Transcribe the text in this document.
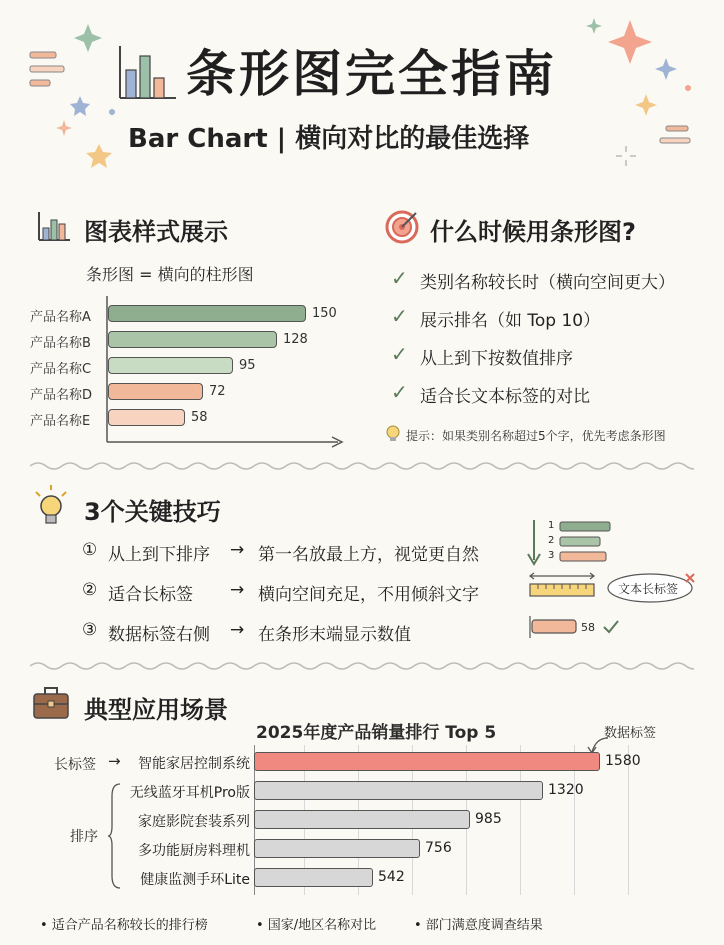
条形图完全指南
Bar Chart | 横向对比的最佳选择
图表样式展示
条形图 = 横向的柱形图
产品名称A	150
产品名称B	128
产品名称C	95
产品名称D	72
产品名称E	58
什么时候用条形图?
✓ 类别名称较长时（横向空间更大）
✓ 展示排名（如 Top 10）
✓ 从上到下按数值排序
✓ 适合长文本标签的对比
提示：如果类别名称超过5个字，优先考虑条形图
3个关键技巧
① 从上到下排序 → 第一名放最上方，视觉更自然
② 适合长标签 → 横向空间充足，不用倾斜文字
③ 数据标签右侧 → 在条形末端显示数值
1
2
3
文本长标签
58
典型应用场景
2025年度产品销量排行 Top 5	数据标签
长标签 →
排序
智能家居控制系统	1580
无线蓝牙耳机Pro版	1320
家庭影院套装系列	985
多功能厨房料理机	756
健康监测手环Lite	542
• 适合产品名称较长的排行榜	• 国家/地区名称对比	• 部门满意度调查结果
